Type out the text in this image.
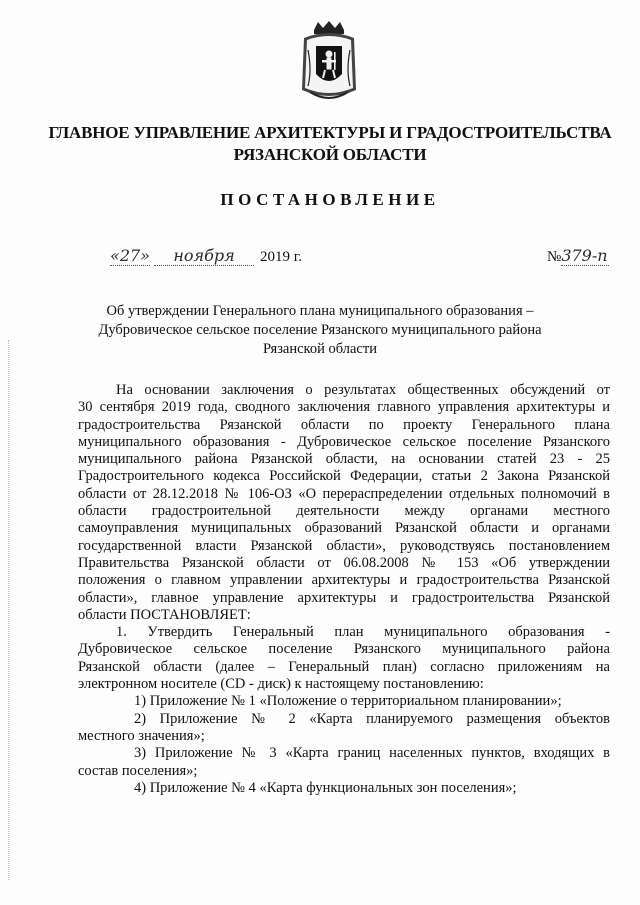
ГЛАВНОЕ УПРАВЛЕНИЕ АРХИТЕКТУРЫ И ГРАДОСТРОИТЕЛЬСТВА
РЯЗАНСКОЙ ОБЛАСТИ
ПОСТАНОВЛЕНИЕ
«27» ноября 2019 г.	№379-п
Об утверждении Генерального плана муниципального образования –
Дубровическое сельское поселение Рязанского муниципального района
Рязанской области
На основании заключения о результатах общественных обсуждений от
30 сентября 2019 года, сводного заключения главного управления архитектуры и
градостроительства Рязанской области по проекту Генерального плана
муниципального образования - Дубровическое сельское поселение Рязанского
муниципального района Рязанской области, на основании статей 23 - 25
Градостроительного кодекса Российской Федерации, статьи 2 Закона Рязанской
области от 28.12.2018 № 106-ОЗ «О перераспределении отдельных полномочий в
области градостроительной деятельности между органами местного
самоуправления муниципальных образований Рязанской области и органами
государственной власти Рязанской области», руководствуясь постановлением
Правительства Рязанской области от 06.08.2008 № 153 «Об утверждении
положения о главном управлении архитектуры и градостроительства Рязанской
области», главное управление архитектуры и градостроительства Рязанской
области ПОСТАНОВЛЯЕТ:
1. Утвердить Генеральный план муниципального образования -
Дубровическое сельское поселение Рязанского муниципального района
Рязанской области (далее – Генеральный план) согласно приложениям на
электронном носителе (CD - диск) к настоящему постановлению:
1) Приложение № 1 «Положение о территориальном планировании»;
2) Приложение № 2 «Карта планируемого размещения объектов
местного значения»;
3) Приложение № 3 «Карта границ населенных пунктов, входящих в
состав поселения»;
4) Приложение № 4 «Карта функциональных зон поселения»;
